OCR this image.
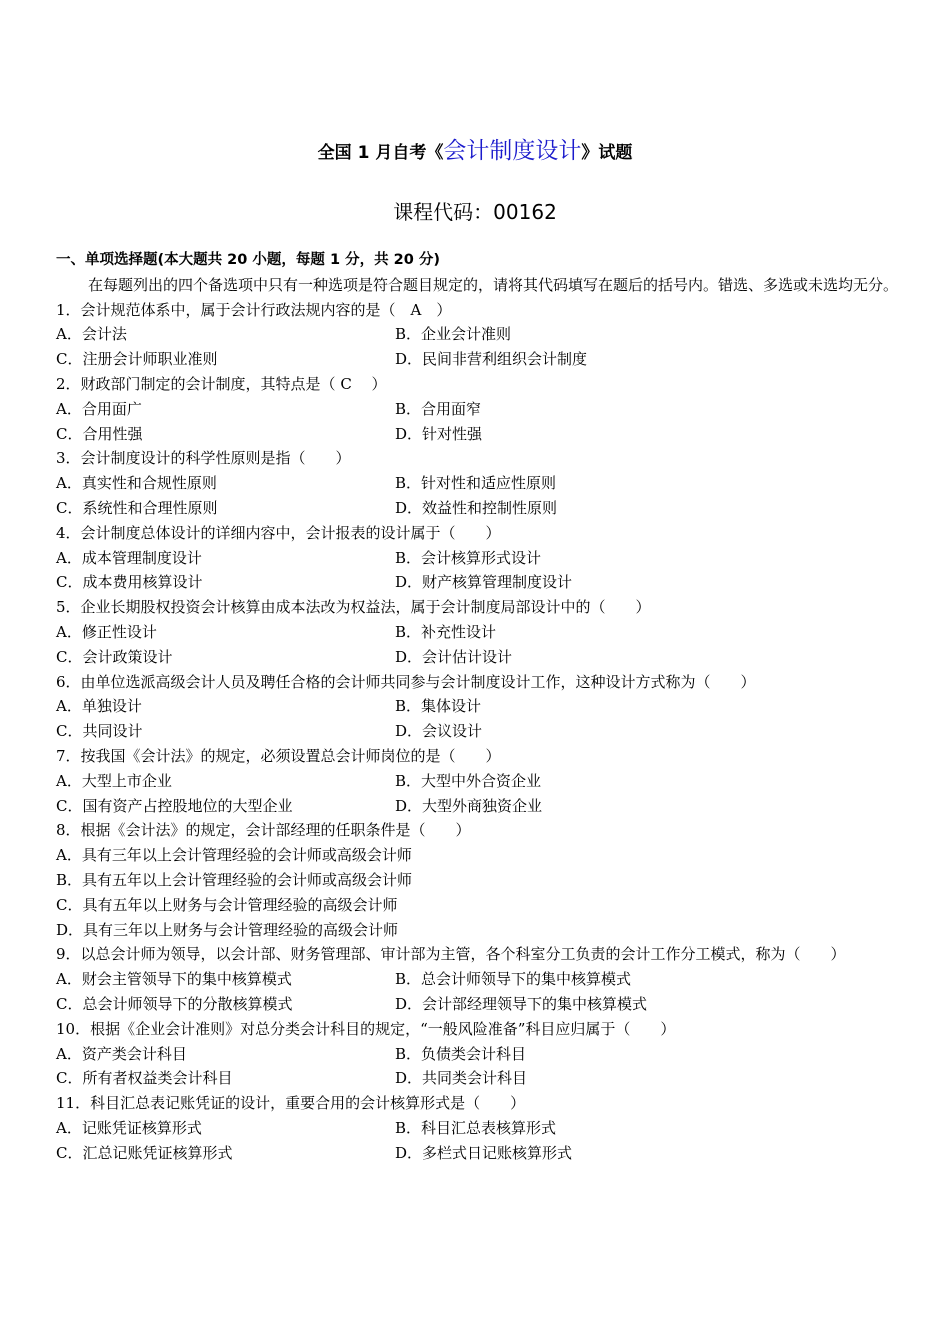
全国 1 月自考《会计制度设计》试题
课程代码：00162
一、单项选择题(本大题共 20 小题，每题 1 分，共 20 分)
在每题列出的四个备选项中只有一种选项是符合题目规定的，请将其代码填写在题后的括号内。错选、多选或未选均无分。
1．会计规范体系中，属于会计行政法规内容的是（　A　）
A．会计法	B．企业会计准则
C．注册会计师职业准则	D．民间非营利组织会计制度
2．财政部门制定的会计制度，其特点是（ C　 ）
A．合用面广	B．合用面窄
C．合用性强	D．针对性强
3．会计制度设计的科学性原则是指（　　）
A．真实性和合规性原则	B．针对性和适应性原则
C．系统性和合理性原则	D．效益性和控制性原则
4．会计制度总体设计的详细内容中，会计报表的设计属于（　　）
A．成本管理制度设计	B．会计核算形式设计
C．成本费用核算设计	D．财产核算管理制度设计
5．企业长期股权投资会计核算由成本法改为权益法，属于会计制度局部设计中的（　　）
A．修正性设计	B．补充性设计
C．会计政策设计	D．会计估计设计
6．由单位选派高级会计人员及聘任合格的会计师共同参与会计制度设计工作，这种设计方式称为（　　）
A．单独设计	B．集体设计
C．共同设计	D．会议设计
7．按我国《会计法》的规定，必须设置总会计师岗位的是（　　）
A．大型上市企业	B．大型中外合资企业
C．国有资产占控股地位的大型企业	D．大型外商独资企业
8．根据《会计法》的规定，会计部经理的任职条件是（　　）
A．具有三年以上会计管理经验的会计师或高级会计师
B．具有五年以上会计管理经验的会计师或高级会计师
C．具有五年以上财务与会计管理经验的高级会计师
D．具有三年以上财务与会计管理经验的高级会计师
9．以总会计师为领导，以会计部、财务管理部、审计部为主管，各个科室分工负责的会计工作分工模式，称为（　　）
A．财会主管领导下的集中核算模式	B．总会计师领导下的集中核算模式
C．总会计师领导下的分散核算模式	D．会计部经理领导下的集中核算模式
10．根据《企业会计准则》对总分类会计科目的规定，“一般风险准备”科目应归属于（　　）
A．资产类会计科目	B．负债类会计科目
C．所有者权益类会计科目	D．共同类会计科目
11．科目汇总表记账凭证的设计，重要合用的会计核算形式是（　　）
A．记账凭证核算形式	B．科目汇总表核算形式
C．汇总记账凭证核算形式	D．多栏式日记账核算形式
